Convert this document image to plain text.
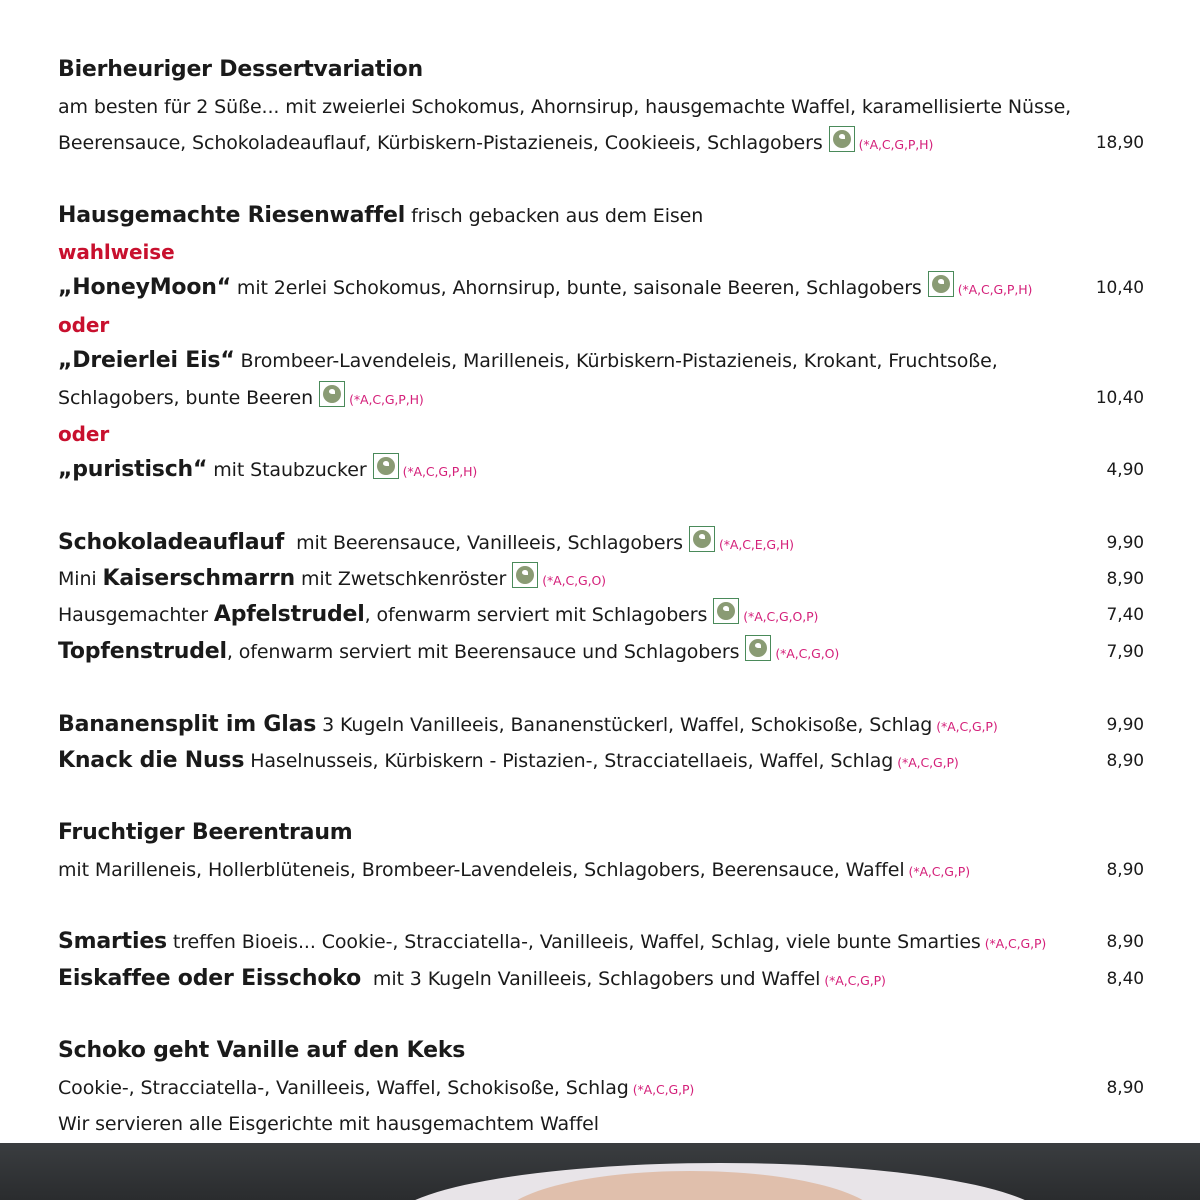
Bierheuriger Dessertvariation
am besten für 2 Süße... mit zweierlei Schokomus, Ahornsirup, hausgemachte Waffel, karamellisierte Nüsse,
Beerensauce, Schokoladeauflauf, Kürbiskern-Pistazieneis, Cookieeis, Schlagobers	(*A,C,G,P,H)	18,90
Hausgemachte Riesenwaffel frisch gebacken aus dem Eisen
wahlweise
„HoneyMoon“ mit 2erlei Schokomus, Ahornsirup, bunte, saisonale Beeren, Schlagobers	(*A,C,G,P,H)	10,40
oder
„Dreierlei Eis“ Brombeer-Lavendeleis, Marilleneis, Kürbiskern-Pistazieneis, Krokant, Fruchtsoße,
Schlagobers, bunte Beeren	(*A,C,G,P,H)	10,40
oder
„puristisch“ mit Staubzucker	(*A,C,G,P,H)	4,90
Schokoladeauflauf mit Beerensauce, Vanilleeis, Schlagobers	(*A,C,E,G,H)	9,90
Mini Kaiserschmarrn mit Zwetschkenröster	(*A,C,G,O)	8,90
Hausgemachter Apfelstrudel, ofenwarm serviert mit Schlagobers	(*A,C,G,O,P)	7,40
Topfenstrudel, ofenwarm serviert mit Beerensauce und Schlagobers	(*A,C,G,O)	7,90
Bananensplit im Glas 3 Kugeln Vanilleeis, Bananenstückerl, Waffel, Schokisoße, Schlag (*A,C,G,P)	9,90
Knack die Nuss Haselnusseis, Kürbiskern - Pistazien-, Stracciatellaeis, Waffel, Schlag (*A,C,G,P)	8,90
Fruchtiger Beerentraum
mit Marilleneis, Hollerblüteneis, Brombeer-Lavendeleis, Schlagobers, Beerensauce, Waffel (*A,C,G,P)	8,90
Smarties treffen Bioeis... Cookie-, Stracciatella-, Vanilleeis, Waffel, Schlag, viele bunte Smarties (*A,C,G,P)	8,90
Eiskaffee oder Eisschoko mit 3 Kugeln Vanilleeis, Schlagobers und Waffel (*A,C,G,P)	8,40
Schoko geht Vanille auf den Keks
Cookie-, Stracciatella-, Vanilleeis, Waffel, Schokisoße, Schlag (*A,C,G,P)	8,90
Wir servieren alle Eisgerichte mit hausgemachtem Waffel
